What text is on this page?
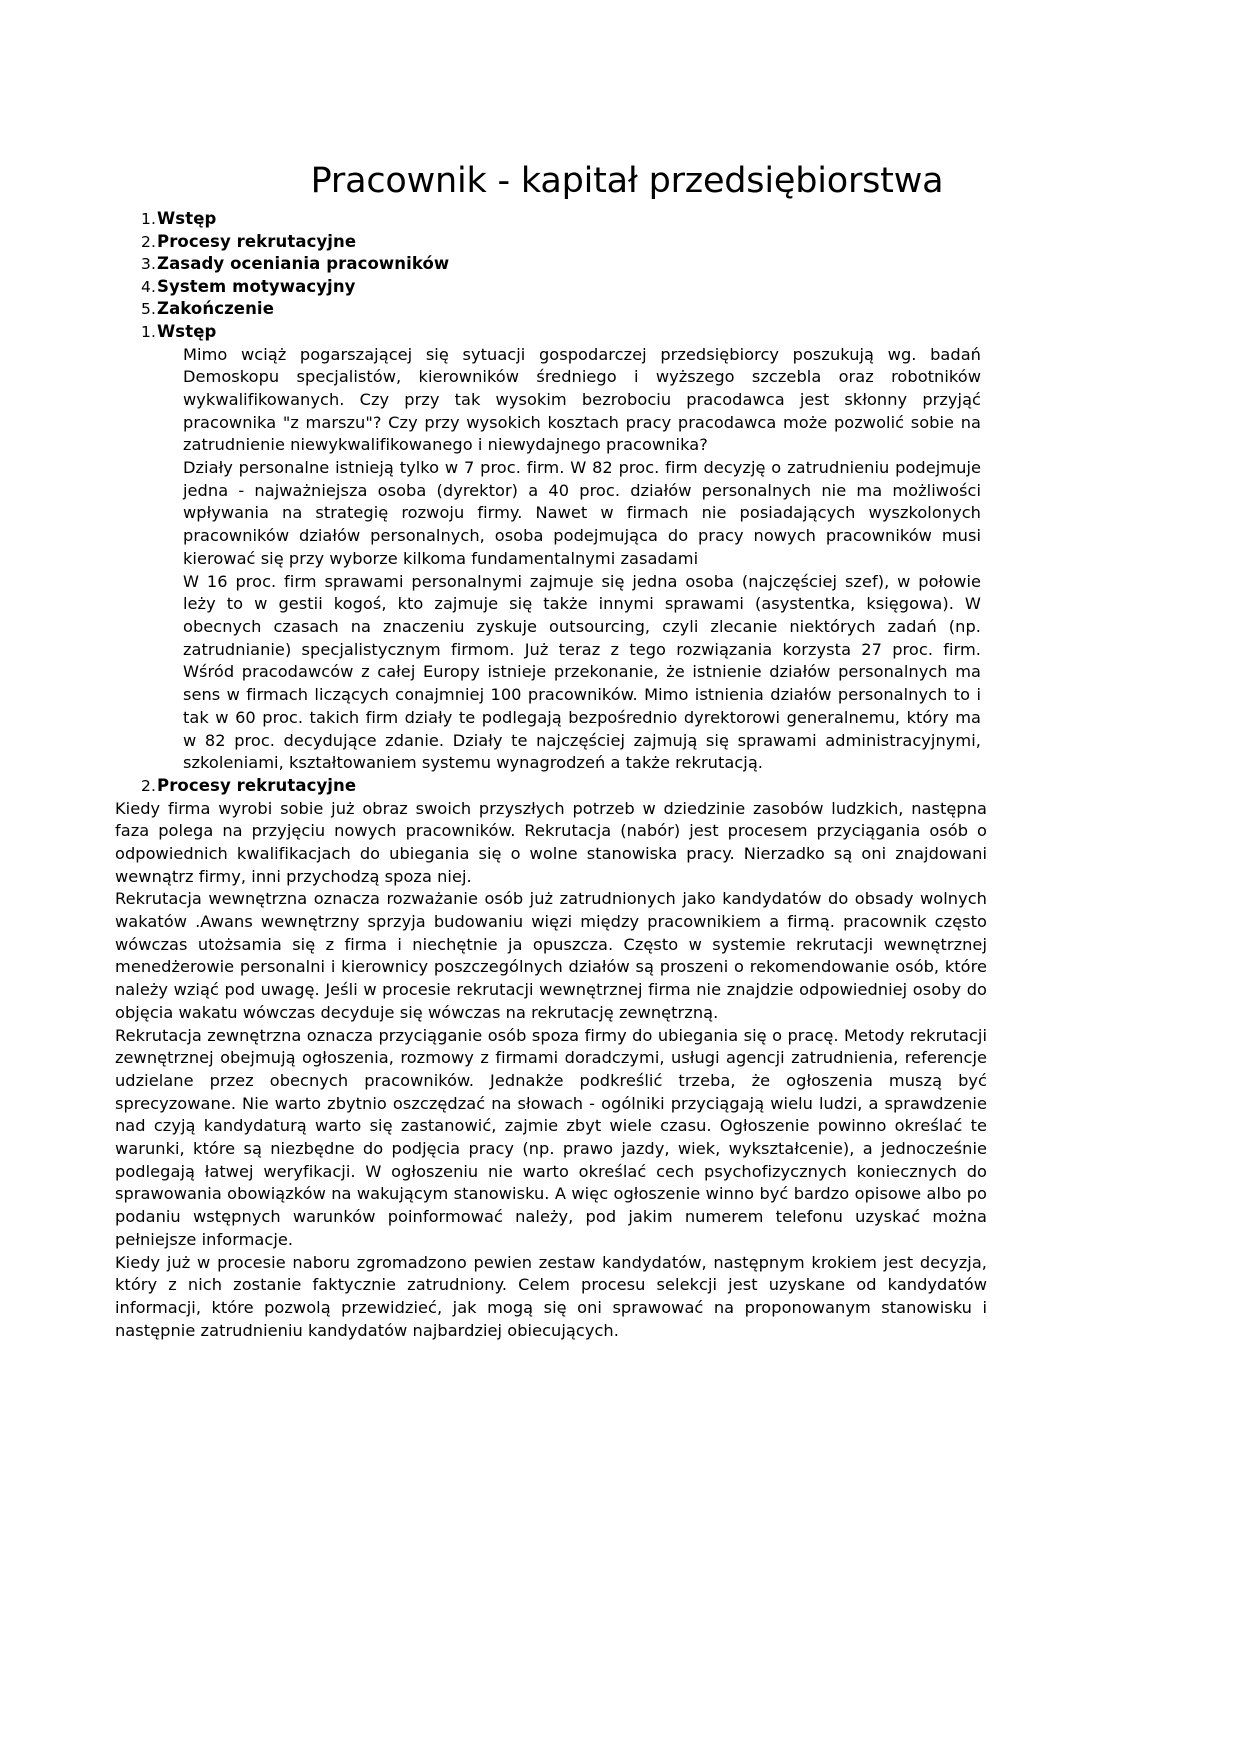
Pracownik - kapitał przedsiębiorstwa
1. Wstęp
2. Procesy rekrutacyjne
3. Zasady oceniania pracowników
4. System motywacyjny
5. Zakończenie
1. Wstęp

Mimo wciąż pogarszającej się sytuacji gospodarczej przedsiębiorcy poszukują wg. badań Demoskopu specjalistów, kierowników średniego i wyższego szczebla oraz robotników wykwalifikowanych. Czy przy tak wysokim bezrobociu pracodawca jest skłonny przyjąć pracownika "z marszu"? Czy przy wysokich kosztach pracy pracodawca może pozwolić sobie na zatrudnienie niewykwalifikowanego i niewydajnego pracownika?

Działy personalne istnieją tylko w 7 proc. firm. W 82 proc. firm decyzję o zatrudnieniu podejmuje jedna - najważniejsza osoba (dyrektor) a 40 proc. działów personalnych nie ma możliwości wpływania na strategię rozwoju firmy. Nawet w firmach nie posiadających wyszkolonych pracowników działów personalnych, osoba podejmująca do pracy nowych pracowników musi kierować się przy wyborze kilkoma fundamentalnymi zasadami

W 16 proc. firm sprawami personalnymi zajmuje się jedna osoba (najczęściej szef), w połowie leży to w gestii kogoś, kto zajmuje się także innymi sprawami (asystentka, księgowa). W obecnych czasach na znaczeniu zyskuje outsourcing, czyli zlecanie niektórych zadań (np. zatrudnianie) specjalistycznym firmom. Już teraz z tego rozwiązania korzysta 27 proc. firm. Wśród pracodawców z całej Europy istnieje przekonanie, że istnienie działów personalnych ma sens w firmach liczących conajmniej 100 pracowników. Mimo istnienia działów personalnych to i tak w 60 proc. takich firm działy te podlegają bezpośrednio dyrektorowi generalnemu, który ma w 82 proc. decydujące zdanie. Działy te najczęściej zajmują się sprawami administracyjnymi, szkoleniami, kształtowaniem systemu wynagrodzeń a także rekrutacją.

2. Procesy rekrutacyjne

Kiedy firma wyrobi sobie już obraz swoich przyszłych potrzeb w dziedzinie zasobów ludzkich, następna faza polega na przyjęciu nowych pracowników. Rekrutacja (nabór) jest procesem przyciągania osób o odpowiednich kwalifikacjach do ubiegania się o wolne stanowiska pracy. Nierzadko są oni znajdowani wewnątrz firmy, inni przychodzą spoza niej.

Rekrutacja wewnętrzna oznacza rozważanie osób już zatrudnionych jako kandydatów do obsady wolnych wakatów .Awans wewnętrzny sprzyja budowaniu więzi między pracownikiem a firmą. pracownik często wówczas utożsamia się z firma i niechętnie ja opuszcza. Często w systemie rekrutacji wewnętrznej menedżerowie personalni i kierownicy poszczególnych działów są proszeni o rekomendowanie osób, które należy wziąć pod uwagę. Jeśli w procesie rekrutacji wewnętrznej firma nie znajdzie odpowiedniej osoby do objęcia wakatu wówczas decyduje się wówczas na rekrutację zewnętrzną.

Rekrutacja zewnętrzna oznacza przyciąganie osób spoza firmy do ubiegania się o pracę. Metody rekrutacji zewnętrznej obejmują ogłoszenia, rozmowy z firmami doradczymi, usługi agencji zatrudnienia, referencje udzielane przez obecnych pracowników. Jednakże podkreślić trzeba, że ogłoszenia muszą być sprecyzowane. Nie warto zbytnio oszczędzać na słowach - ogólniki przyciągają wielu ludzi, a sprawdzenie nad czyją kandydaturą warto się zastanowić, zajmie zbyt wiele czasu. Ogłoszenie powinno określać te warunki, które są niezbędne do podjęcia pracy (np. prawo jazdy, wiek, wykształcenie), a jednocześnie podlegają łatwej weryfikacji. W ogłoszeniu nie warto określać cech psychofizycznych koniecznych do sprawowania obowiązków na wakującym stanowisku. A więc ogłoszenie winno być bardzo opisowe albo po podaniu wstępnych warunków poinformować należy, pod jakim numerem telefonu uzyskać można pełniejsze informacje.

Kiedy już w procesie naboru zgromadzono pewien zestaw kandydatów, następnym krokiem jest decyzja, który z nich zostanie faktycznie zatrudniony. Celem procesu selekcji jest uzyskane od kandydatów informacji, które pozwolą przewidzieć, jak mogą się oni sprawować na proponowanym stanowisku i następnie zatrudnieniu kandydatów najbardziej obiecujących.
